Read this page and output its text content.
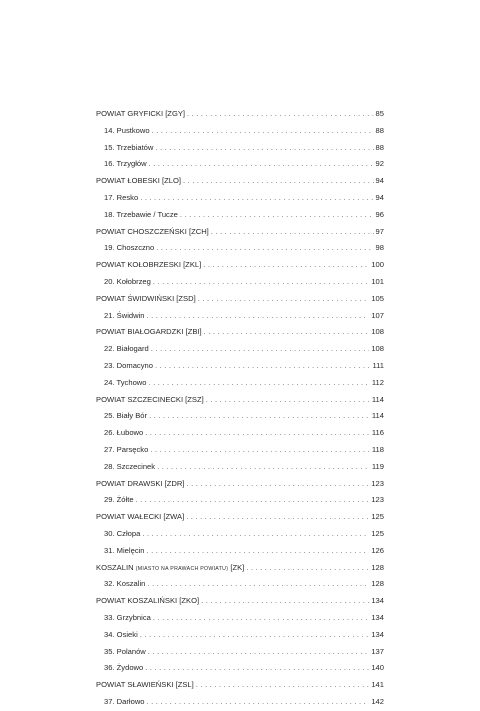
POWIAT GRYFICKI [ZGY] . . .	85
14. Pustkowo . . .	88
15. Trzebiatów . . .	88
16. Trzygłów . . .	92
POWIAT ŁOBESKI [ZLO] . . .	94
17. Resko . . .	94
18. Trzebawie / Tucze . . .	96
POWIAT CHOSZCZEŃSKI [ZCH] . . .	97
19. Choszczno . . .	98
POWIAT KOŁOBRZESKI [ZKL] . . .	100
20. Kołobrzeg . . .	101
POWIAT ŚWIDWIŃSKI [ZSD] . . .	105
21. Świdwin . . .	107
POWIAT BIAŁOGARDZKI [ZBI] . . .	108
22. Białogard . . .	108
23. Domacyno . . .	111
24. Tychowo . . .	112
POWIAT SZCZECINECKI [ZSZ] . . .	114
25. Biały Bór . . .	114
26. Łubowo . . .	116
27. Parsęcko . . .	118
28. Szczecinek . . .	119
POWIAT DRAWSKI [ZDR] . . .	123
29. Żółte . . .	123
POWIAT WAŁECKI [ZWA] . . .	125
30. Człopa . . .	125
31. Mielęcin . . .	126
KOSZALIN (MIASTO NA PRAWACH POWIATU) [ZK] . . .	128
32. Koszalin . . .	128
POWIAT KOSZALIŃSKI [ZKO] . . .	134
33. Grzybnica . . .	134
34. Osieki . . .	134
35. Polanów . . .	137
36. Żydowo . . .	140
POWIAT SŁAWIEŃSKI [ZSL] . . .	141
37. Darłowo . . .	142
